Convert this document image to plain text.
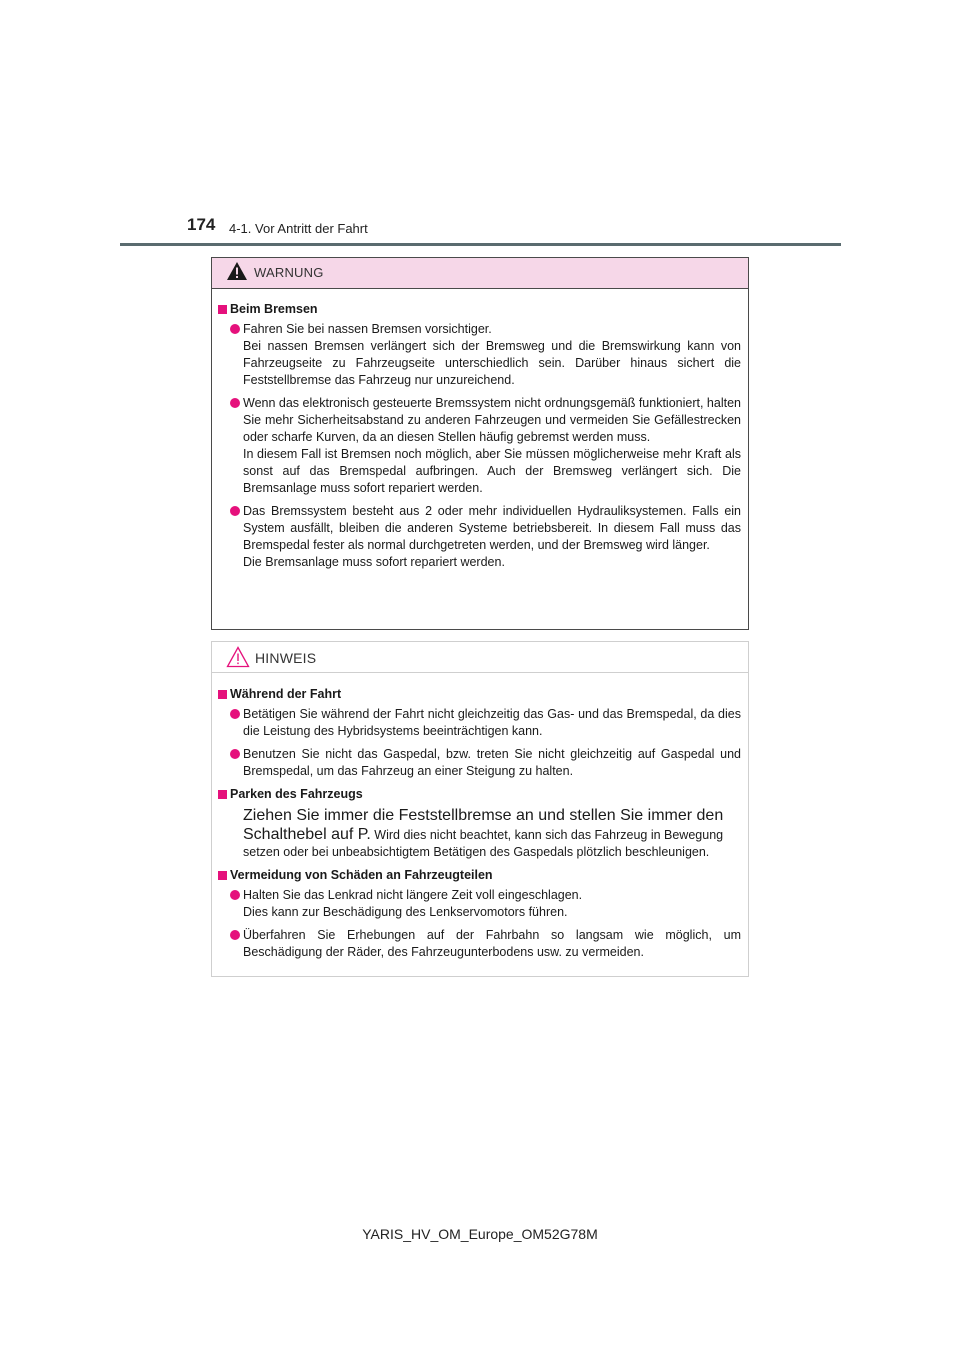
174 4-1. Vor Antritt der Fahrt
WARNUNG
Beim Bremsen
Fahren Sie bei nassen Bremsen vorsichtiger.
Bei nassen Bremsen verlängert sich der Bremsweg und die Bremswirkung kann von Fahrzeugseite zu Fahrzeugseite unterschiedlich sein. Darüber hinaus sichert die Feststellbremse das Fahrzeug nur unzureichend.
Wenn das elektronisch gesteuerte Bremssystem nicht ordnungsgemäß funktioniert, halten Sie mehr Sicherheitsabstand zu anderen Fahrzeugen und vermeiden Sie Gefällestrecken oder scharfe Kurven, da an diesen Stellen häufig gebremst werden muss.
In diesem Fall ist Bremsen noch möglich, aber Sie müssen möglicherweise mehr Kraft als sonst auf das Bremspedal aufbringen. Auch der Bremsweg verlängert sich. Die Bremsanlage muss sofort repariert werden.
Das Bremssystem besteht aus 2 oder mehr individuellen Hydrauliksystemen. Falls ein System ausfällt, bleiben die anderen Systeme betriebsbereit. In diesem Fall muss das Bremspedal fester als normal durchgetreten werden, und der Bremsweg wird länger.
Die Bremsanlage muss sofort repariert werden.
HINWEIS
Während der Fahrt
Betätigen Sie während der Fahrt nicht gleichzeitig das Gas- und das Bremspedal, da dies die Leistung des Hybridsystems beeinträchtigen kann.
Benutzen Sie nicht das Gaspedal, bzw. treten Sie nicht gleichzeitig auf Gaspedal und Bremspedal, um das Fahrzeug an einer Steigung zu halten.
Parken des Fahrzeugs
Ziehen Sie immer die Feststellbremse an und stellen Sie immer den Schalthebel auf P. Wird dies nicht beachtet, kann sich das Fahrzeug in Bewegung setzen oder bei unbeabsichtigtem Betätigen des Gaspedals plötzlich beschleunigen.
Vermeidung von Schäden an Fahrzeugteilen
Halten Sie das Lenkrad nicht längere Zeit voll eingeschlagen.
Dies kann zur Beschädigung des Lenkservomotors führen.
Überfahren Sie Erhebungen auf der Fahrbahn so langsam wie möglich, um Beschädigung der Räder, des Fahrzeugunterbodens usw. zu vermeiden.
YARIS_HV_OM_Europe_OM52G78M
